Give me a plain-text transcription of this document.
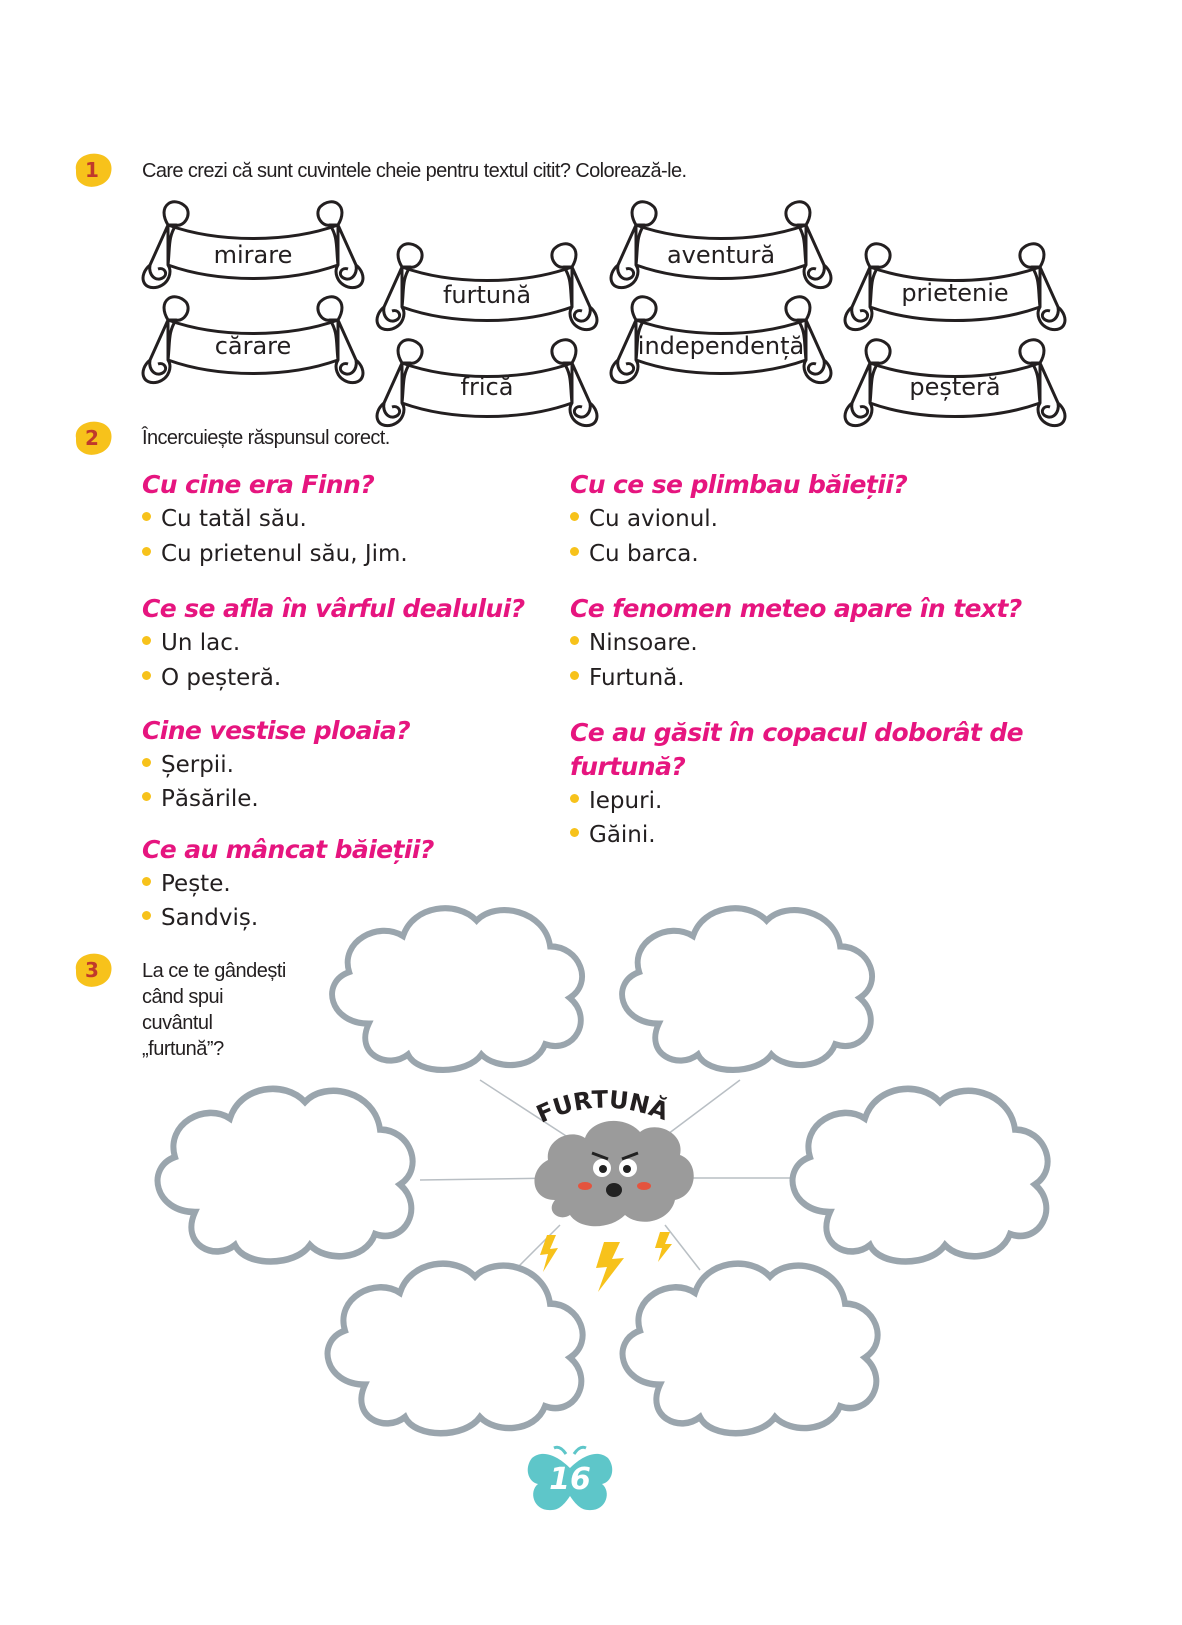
1	Care crezi că sunt cuvintele cheie pentru textul citit? Colorează-le.
mirare
furtună
aventură
prietenie
cărare
frică
independență
peșteră
2	Încercuiește răspunsul corect.
Cu cine era Finn?
Cu tatăl său.
Cu prietenul său, Jim.
Ce se afla în vârful dealului?
Un lac.
O peșteră.
Cine vestise ploaia?
Șerpii.
Păsările.
Ce au mâncat băieții?
Pește.
Sandviș.
Cu ce se plimbau băieții?
Cu avionul.
Cu barca.
Ce fenomen meteo apare în text?
Ninsoare.
Furtună.
Ce au găsit în copacul doborât de
furtună?
Iepuri.
Găini.
FURTUNĂ
3	La ce te gândești
când spui
cuvântul
„furtună”?
16
